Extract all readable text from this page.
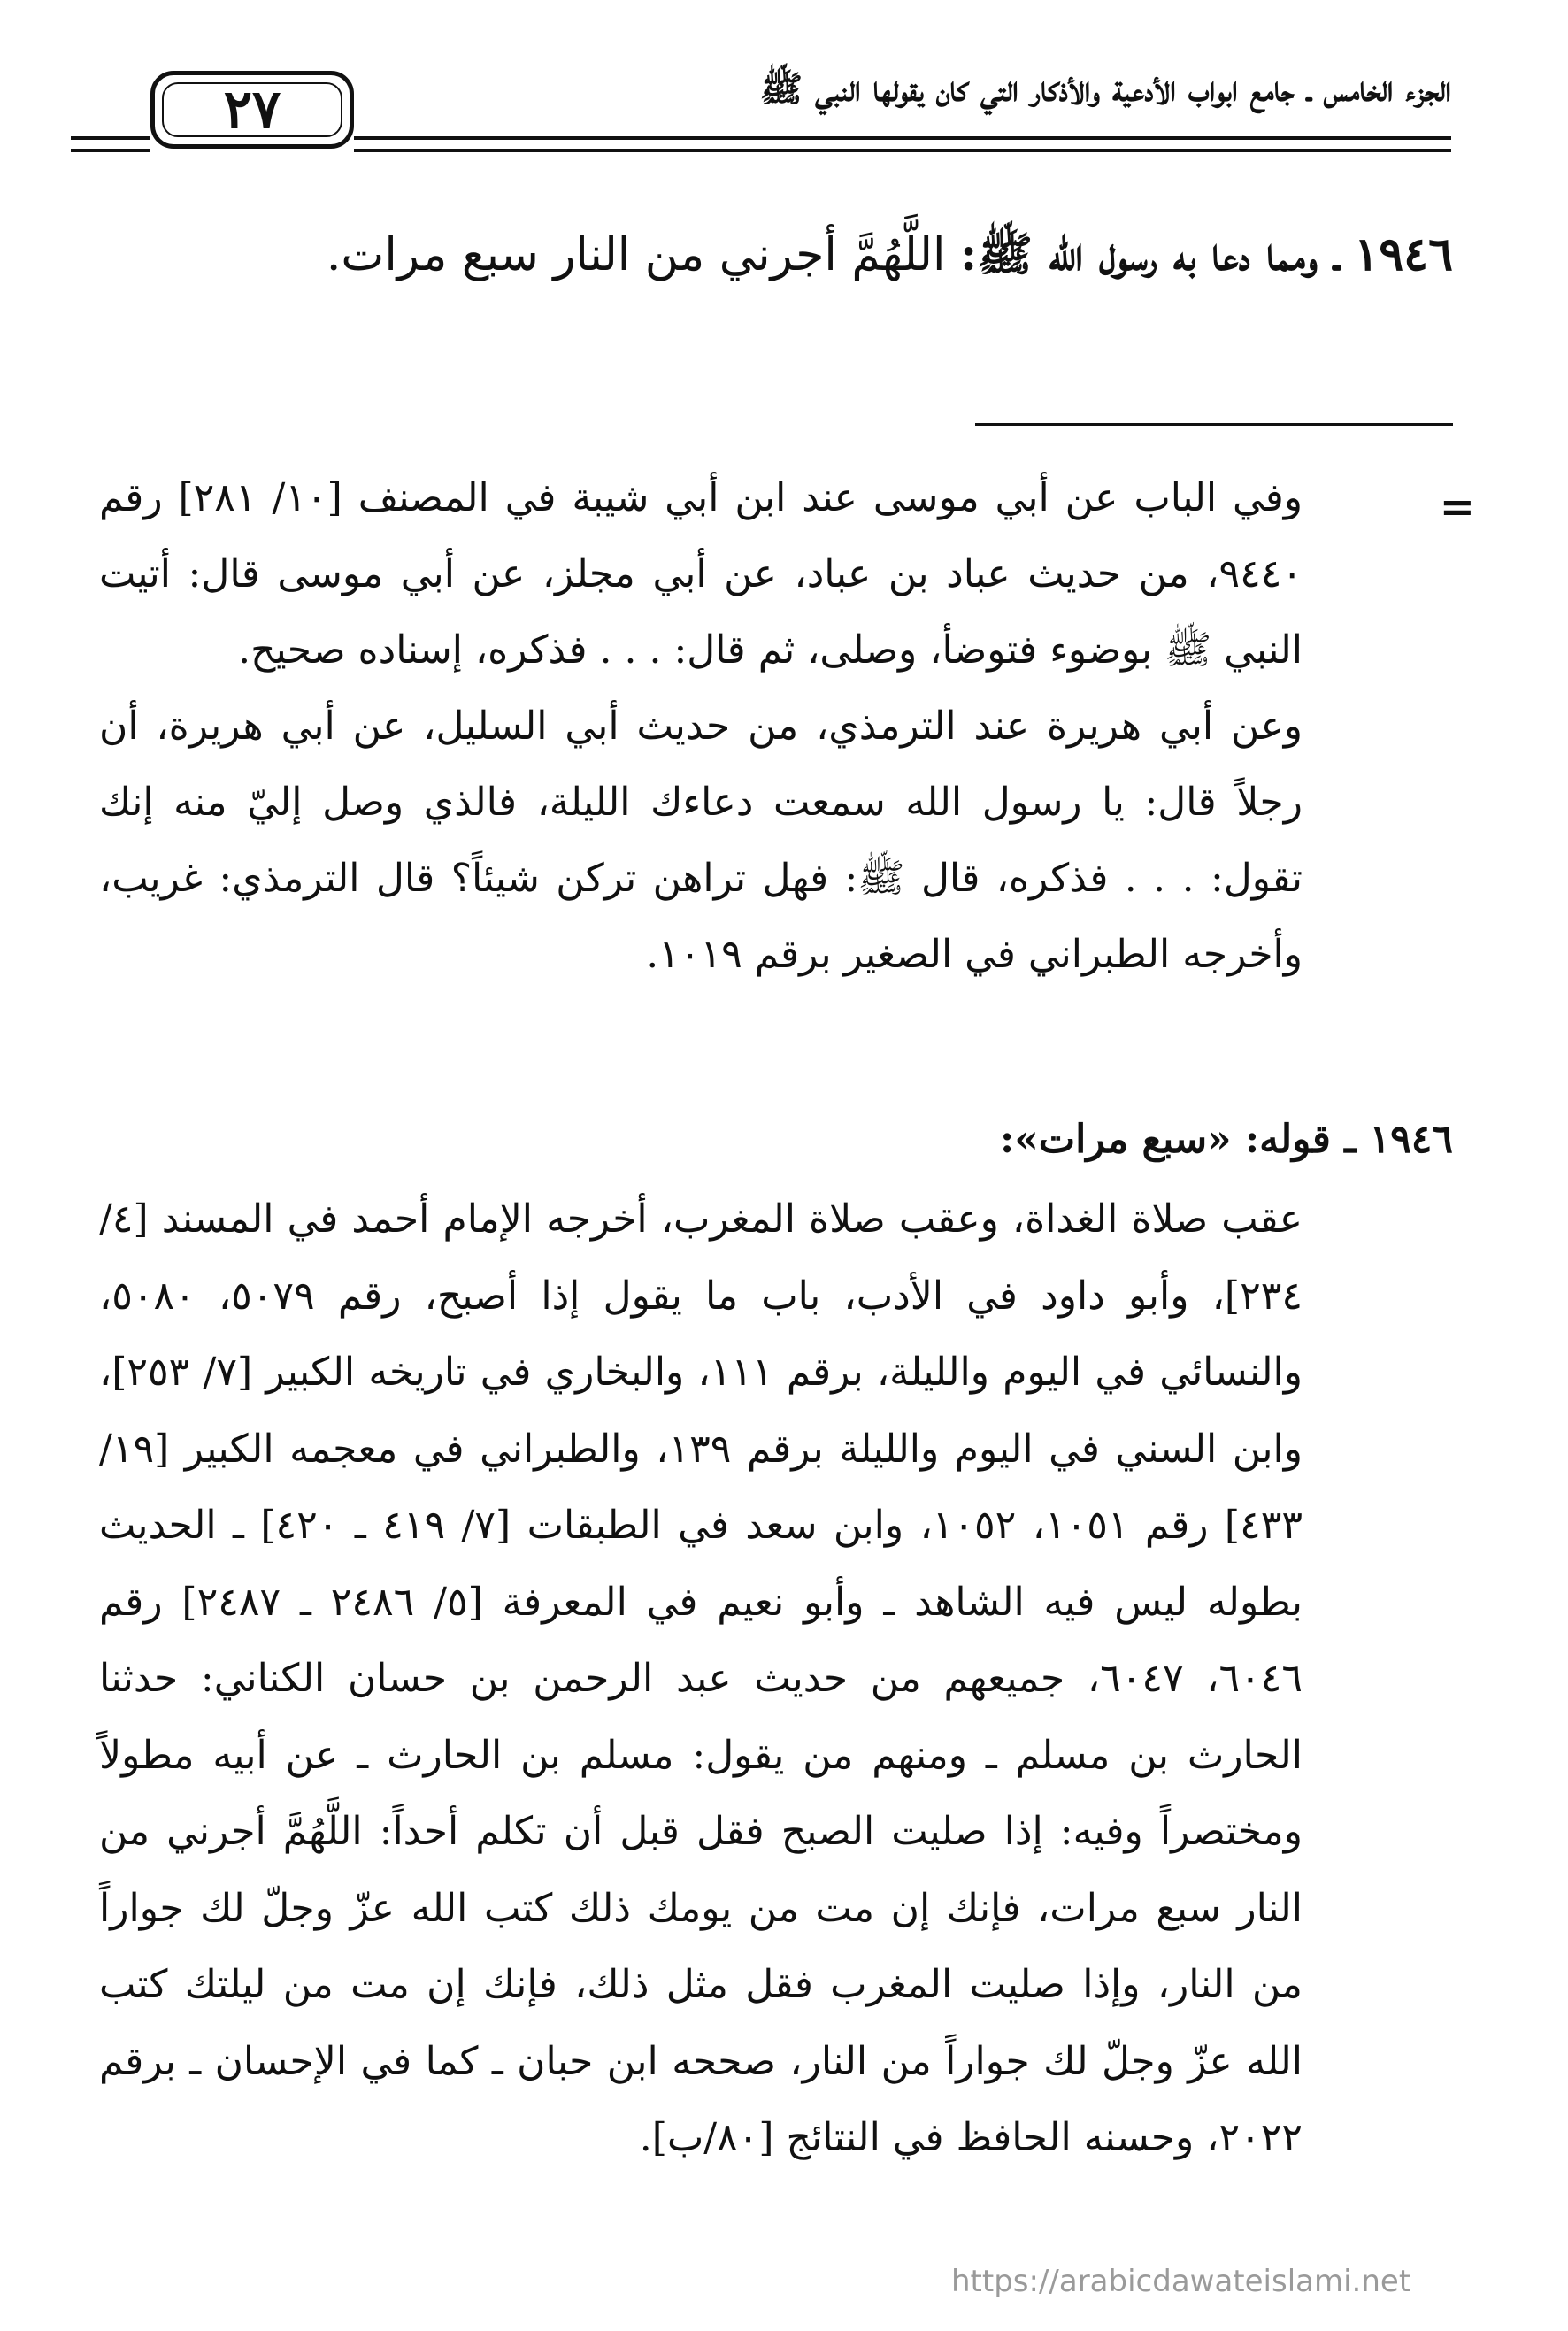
الجزء الخامس ـ جامع ابواب الأدعية والأذكار التي كان يقولها النبي ﷺ
٢٧
١٩٤٦ ـ ومما دعا به رسول الله ﷺ: اللَّهُمَّ أجرني من النار سبع مرات.
=

وفي الباب عن أبي موسى عند ابن أبي شيبة في المصنف [١٠/ ٢٨١] رقم ٩٤٤٠، من حديث عباد بن عباد، عن أبي مجلز، عن أبي موسى قال: أتيت النبي ﷺ بوضوء فتوضأ، وصلى، ثم قال: . . . فذكره، إسناده صحيح.

وعن أبي هريرة عند الترمذي، من حديث أبي السليل، عن أبي هريرة، أن رجلاً قال: يا رسول الله سمعت دعاءك الليلة، فالذي وصل إليّ منه إنك تقول: . . . فذكره، قال ﷺ: فهل تراهن تركن شيئاً؟ قال الترمذي: غريب، وأخرجه الطبراني في الصغير برقم ١٠١٩.

١٩٤٦ ـ قوله: «سبع مرات»:
عقب صلاة الغداة، وعقب صلاة المغرب، أخرجه الإمام أحمد في المسند [٤/ ٢٣٤]، وأبو داود في الأدب، باب ما يقول إذا أصبح، رقم ٥٠٧٩، ٥٠٨٠، والنسائي في اليوم والليلة، برقم ١١١، والبخاري في تاريخه الكبير [٧/ ٢٥٣]، وابن السني في اليوم والليلة برقم ١٣٩، والطبراني في معجمه الكبير [١٩/ ٤٣٣] رقم ١٠٥١، ١٠٥٢، وابن سعد في الطبقات [٧/ ٤١٩ ـ ٤٢٠] ـ الحديث بطوله ليس فيه الشاهد ـ وأبو نعيم في المعرفة [٥/ ٢٤٨٦ ـ ٢٤٨٧] رقم ٦٠٤٦، ٦٠٤٧، جميعهم من حديث عبد الرحمن بن حسان الكناني: حدثنا الحارث بن مسلم ـ ومنهم من يقول: مسلم بن الحارث ـ عن أبيه مطولاً ومختصراً وفيه: إذا صليت الصبح فقل قبل أن تكلم أحداً: اللَّهُمَّ أجرني من النار سبع مرات، فإنك إن مت من يومك ذلك كتب الله عزّ وجلّ لك جواراً من النار، وإذا صليت المغرب فقل مثل ذلك، فإنك إن مت من ليلتك كتب الله عزّ وجلّ لك جواراً من النار، صححه ابن حبان ـ كما في الإحسان ـ برقم ٢٠٢٢، وحسنه الحافظ في النتائج [٨٠/ب].
https://arabicdawateislami.net
